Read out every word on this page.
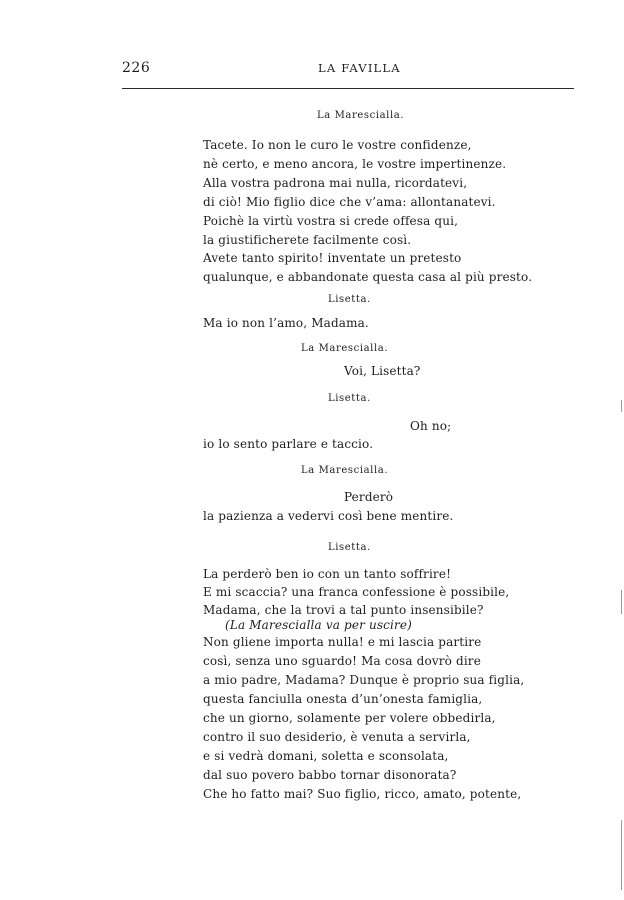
226	LA FAVILLA
La Marescialla.
Tacete. Io non le curo le vostre confidenze,
nè certo, e meno ancora, le vostre impertinenze.
Alla vostra padrona mai nulla, ricordatevi,
di ciò! Mio figlio dice che v’ama: allontanatevi.
Poichè la virtù vostra si crede offesa qui,
la giustificherete facilmente così.
Avete tanto spirito! inventate un pretesto
qualunque, e abbandonate questa casa al più presto.
Lisetta.
Ma io non l’amo, Madama.
La Marescialla.
Voi, Lisetta?
Lisetta.
Oh no;
io lo sento parlare e taccio.
La Marescialla.
Perderò
la pazienza a vedervi così bene mentire.
Lisetta.
La perderò ben io con un tanto soffrire!
E mi scaccia? una franca confessione è possibile,
Madama, che la trovi a tal punto insensibile?
(La Marescialla va per uscire)
Non gliene importa nulla! e mi lascia partire
così, senza uno sguardo! Ma cosa dovrò dire
a mio padre, Madama? Dunque è proprio sua figlia,
questa fanciulla onesta d’un’onesta famiglia,
che un giorno, solamente per volere obbedirla,
contro il suo desiderio, è venuta a servirla,
e si vedrà domani, soletta e sconsolata,
dal suo povero babbo tornar disonorata?
Che ho fatto mai? Suo figlio, ricco, amato, potente,
